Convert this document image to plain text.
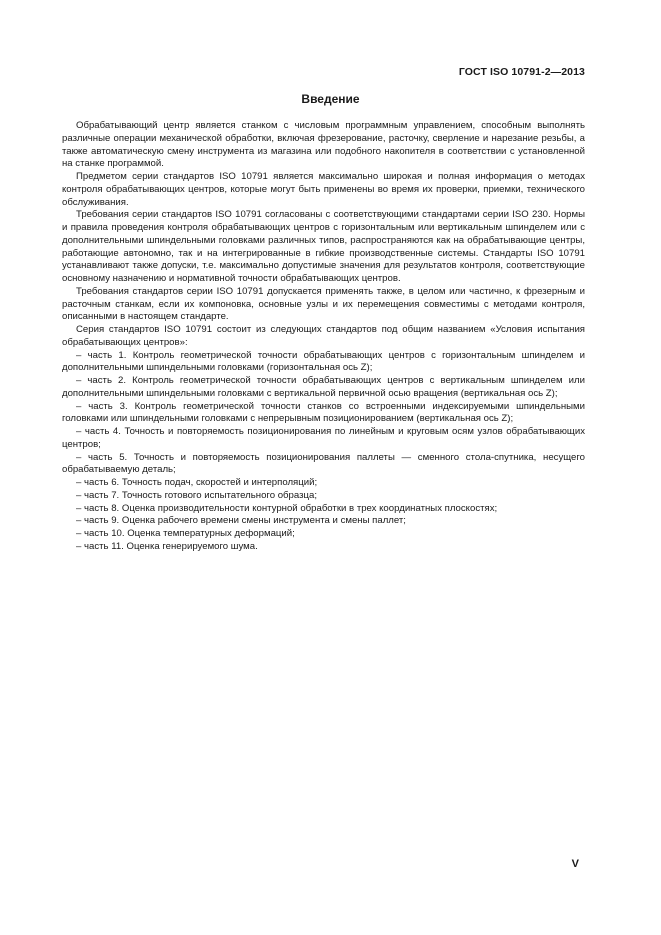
ГОСТ ISO 10791-2—2013
Введение

Обрабатывающий центр является станком с числовым программным управлением, способным выполнять различные операции механической обработки, включая фрезерование, расточку, сверление и нарезание резьбы, а также автоматическую смену инструмента из магазина или подобного накопителя в соответствии с установленной на станке программой.

Предметом серии стандартов ISO 10791 является максимально широкая и полная информация о методах контроля обрабатывающих центров, которые могут быть применены во время их проверки, приемки, технического обслуживания.

Требования серии стандартов ISO 10791 согласованы с соответствующими стандартами серии ISO 230. Нормы и правила проведения контроля обрабатывающих центров с горизонтальным или вертикальным шпинделем или с дополнительными шпиндельными головками различных типов, распространяются как на обрабатывающие центры, работающие автономно, так и на интегрированные в гибкие производственные системы. Стандарты ISO 10791 устанавливают также допуски, т.е. максимально допустимые значения для результатов контроля, соответствующие основному назначению и нормативной точности обрабатывающих центров.

Требования стандартов серии ISO 10791 допускается применять также, в целом или частично, к фрезерным и расточным станкам, если их компоновка, основные узлы и их перемещения совместимы с методами контроля, описанными в настоящем стандарте.

Серия стандартов ISO 10791 состоит из следующих стандартов под общим названием «Условия испытания обрабатывающих центров»:

– часть 1. Контроль геометрической точности обрабатывающих центров с горизонтальным шпинделем и дополнительными шпиндельными головками (горизонтальная ось Z);

– часть 2. Контроль геометрической точности обрабатывающих центров с вертикальным шпинделем или дополнительными шпиндельными головками с вертикальной первичной осью вращения (вертикальная ось Z);

– часть 3. Контроль геометрической точности станков со встроенными индексируемыми шпиндельными головками или шпиндельными головками с непрерывным позиционированием (вертикальная ось Z);

– часть 4. Точность и повторяемость позиционирования по линейным и круговым осям узлов обрабатывающих центров;

– часть 5. Точность и повторяемость позиционирования паллеты — сменного стола-спутника, несущего обрабатываемую деталь;

– часть 6. Точность подач, скоростей и интерполяций;

– часть 7. Точность готового испытательного образца;

– часть 8. Оценка производительности контурной обработки в трех координатных плоскостях;

– часть 9. Оценка рабочего времени смены инструмента и смены паллет;

– часть 10. Оценка температурных деформаций;

– часть 11. Оценка генерируемого шума.

V
